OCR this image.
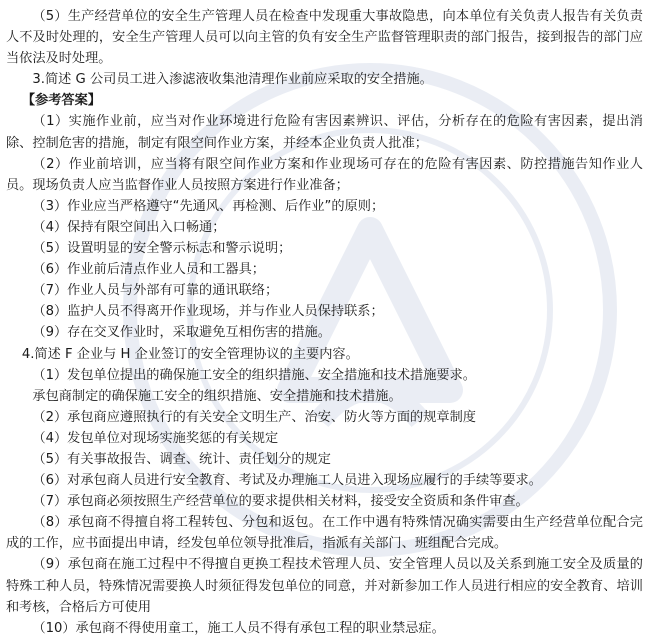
（5）生产经营单位的安全生产管理人员在检查中发现重大事故隐患，向本单位有关负责人报告有关负责人不及时处理的，安全生产管理人员可以向主管的负有安全生产监督管理职责的部门报告，接到报告的部门应当依法及时处理。

3.简述 G 公司员工进入渗滤液收集池清理作业前应采取的安全措施。

【参考答案】

（1）实施作业前，应当对作业环境进行危险有害因素辨识、评估，分析存在的危险有害因素，提出消除、控制危害的措施，制定有限空间作业方案，并经本企业负责人批准；

（2）作业前培训，应当将有限空间作业方案和作业现场可存在的危险有害因素、防控措施告知作业人员。现场负责人应当监督作业人员按照方案进行作业准备；

（3）作业应当严格遵守“先通风、再检测、后作业”的原则；

（4）保持有限空间出入口畅通；

（5）设置明显的安全警示标志和警示说明；

（6）作业前后清点作业人员和工器具；

（7）作业人员与外部有可靠的通讯联络；

（8）监护人员不得离开作业现场，并与作业人员保持联系；

（9）存在交叉作业时，采取避免互相伤害的措施。

4.简述 F 企业与 H 企业签订的安全管理协议的主要内容。

（1）发包单位提出的确保施工安全的组织措施、安全措施和技术措施要求。

承包商制定的确保施工安全的组织措施、安全措施和技术措施。

（2）承包商应遵照执行的有关安全文明生产、治安、防火等方面的规章制度

（4）发包单位对现场实施奖惩的有关规定

（5）有关事故报告、调查、统计、责任划分的规定

（6）对承包商人员进行安全教育、考试及办理施工人员进入现场应履行的手续等要求。

（7）承包商必须按照生产经营单位的要求提供相关材料，接受安全资质和条件审查。

（8）承包商不得擅自将工程转包、分包和返包。在工作中遇有特殊情况确实需要由生产经营单位配合完成的工作，应书面提出申请，经发包单位领导批准后，指派有关部门、班组配合完成。

（9）承包商在施工过程中不得擅自更换工程技术管理人员、安全管理人员以及关系到施工安全及质量的特殊工种人员，特殊情况需要换人时须征得发包单位的同意，并对新参加工作人员进行相应的安全教育、培训和考核，合格后方可使用

（10）承包商不得使用童工，施工人员不得有承包工程的职业禁忌症。
